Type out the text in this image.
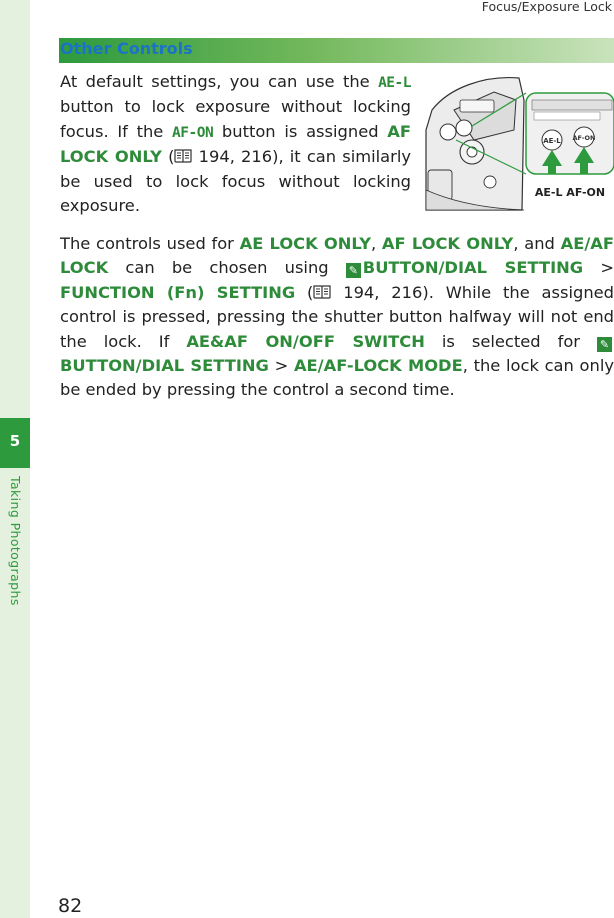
5
Taking Photographs
Focus/Exposure Lock
Other Controls
At default settings, you can use the AE-L button to lock exposure without locking focus. If the AF-ON button is assigned AF LOCK ONLY ( 194, 216), it can similarly be used to lock focus without locking exposure.
AE-L AF-ON
AE-L AF-ON
The controls used for AE LOCK ONLY, AF LOCK ONLY, and AE/AF LOCK can be chosen using ✎ BUTTON/DIAL SETTING > FUNCTION (Fn) SETTING ( 194, 216). While the assigned control is pressed, pressing the shutter button halfway will not end the lock. If AE&AF ON/OFF SWITCH is selected for ✎BUTTON/DIAL SETTING > AE/AF-LOCK MODE, the lock can only be ended by pressing the control a second time.
82
